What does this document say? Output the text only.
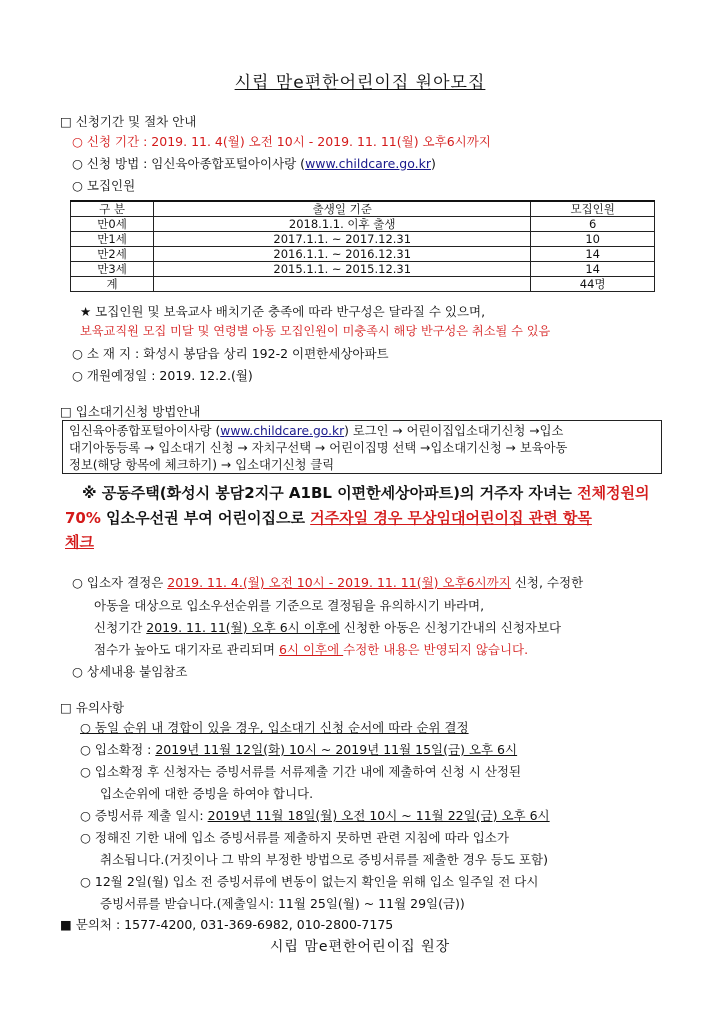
시립 맘e편한어린이집 원아모집
□ 신청기간 및 절차 안내
○ 신청 기간 : 2019. 11. 4(월) 오전 10시 - 2019. 11. 11(월) 오후6시까지
○ 신청 방법 : 임신육아종합포털아이사랑 (www.childcare.go.kr)
○ 모집인원
구 분	출생일 기준	모집인원
만0세	2018.1.1. 이후 출생	6
만1세	2017.1.1. ~ 2017.12.31	10
만2세	2016.1.1. ~ 2016.12.31	14
만3세	2015.1.1. ~ 2015.12.31	14
계		44명
★ 모집인원 및 보육교사 배치기준 충족에 따라 반구성은 달라질 수 있으며,
보육교직원 모집 미달 및 연령별 아동 모집인원이 미충족시 해당 반구성은 취소될 수 있음
○ 소 재 지 : 화성시 봉담읍 상리 192-2 이편한세상아파트
○ 개원예정일 : 2019. 12.2.(월)
□ 입소대기신청 방법안내
임신육아종합포털아이사랑 (www.childcare.go.kr) 로그인 → 어린이집입소대기신청 →입소
대기아동등록 → 입소대기 신청 → 자치구선택 → 어린이집명 선택 →입소대기신청 → 보육아동
정보(해당 항목에 체크하기) → 입소대기신청 클릭
※ 공동주택(화성시 봉담2지구 A1BL 이편한세상아파트)의 거주자 자녀는 전체정원의
70% 입소우선권 부여 어린이집으로 거주자일 경우 무상임대어린이집 관련 항목
체크
○ 입소자 결정은 2019. 11. 4.(월) 오전 10시 - 2019. 11. 11(월) 오후6시까지 신청, 수정한
아동을 대상으로 입소우선순위를 기준으로 결정됨을 유의하시기 바라며,
신청기간 2019. 11. 11(월) 오후 6시 이후에 신청한 아동은 신청기간내의 신청자보다
점수가 높아도 대기자로 관리되며 6시 이후에 수정한 내용은 반영되지 않습니다.
○ 상세내용 붙임참조
□ 유의사항
○ 동일 순위 내 경합이 있을 경우, 입소대기 신청 순서에 따라 순위 결정
○ 입소확정 : 2019년 11월 12일(화) 10시 ~ 2019년 11월 15일(금) 오후 6시
○ 입소확정 후 신청자는 증빙서류를 서류제출 기간 내에 제출하여 신청 시 산정된
입소순위에 대한 증빙을 하여야 합니다.
○ 증빙서류 제출 일시: 2019년 11월 18일(월) 오전 10시 ~ 11월 22일(금) 오후 6시
○ 정해진 기한 내에 입소 증빙서류를 제출하지 못하면 관련 지침에 따라 입소가
취소됩니다.(거짓이나 그 밖의 부정한 방법으로 증빙서류를 제출한 경우 등도 포함)
○ 12월 2일(월) 입소 전 증빙서류에 변동이 없는지 확인을 위해 입소 일주일 전 다시
증빙서류를 받습니다.(제출일시: 11월 25일(월) ~ 11월 29일(금))
■ 문의처 : 1577-4200, 031-369-6982, 010-2800-7175
시립 맘e편한어린이집 원장
